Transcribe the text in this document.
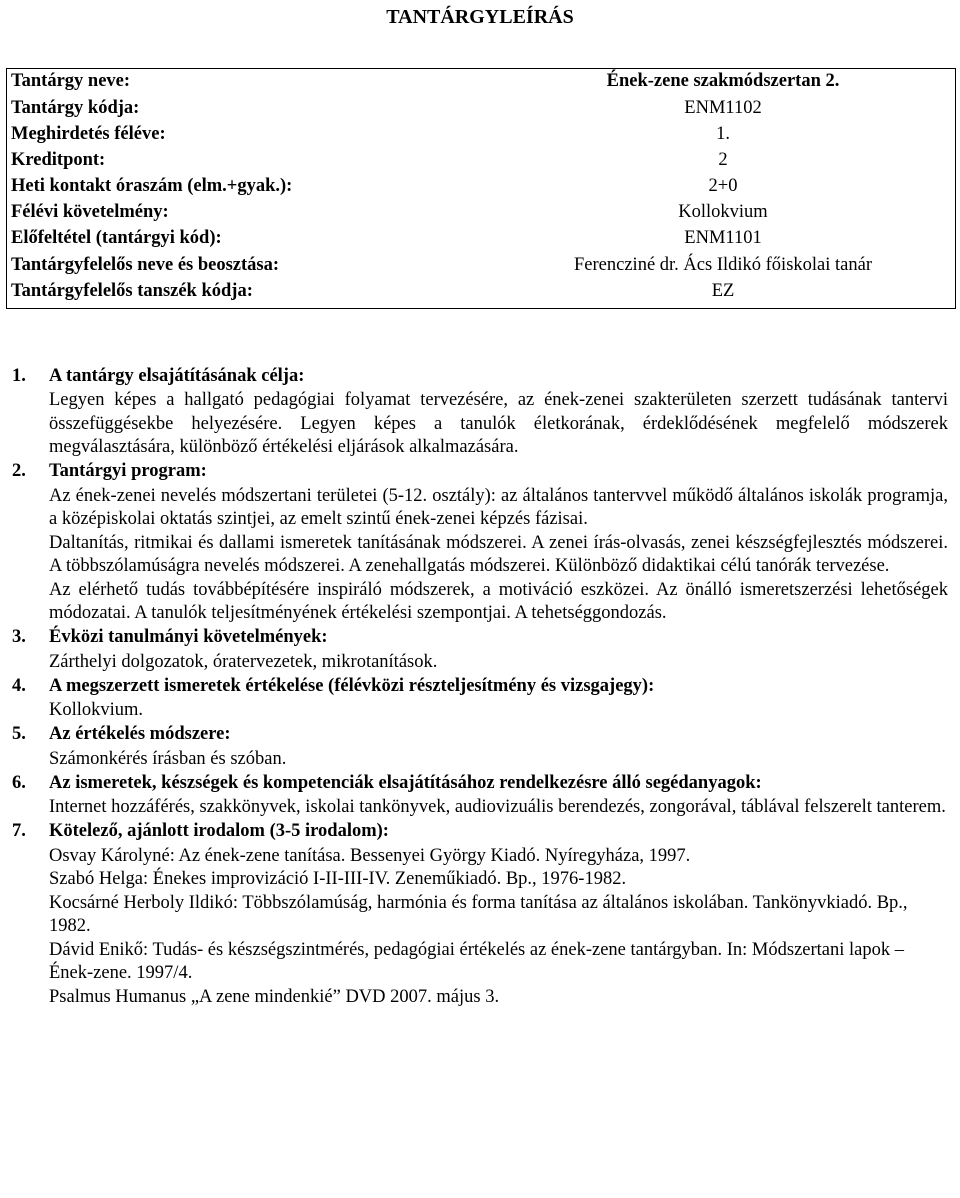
TANTÁRGYLEÍRÁS
Tantárgy neve:	Ének-zene szakmódszertan 2.
Tantárgy kódja:	ENM1102
Meghirdetés féléve:	1.
Kreditpont:	2
Heti kontakt óraszám (elm.+gyak.):	2+0
Félévi követelmény:	Kollokvium
Előfeltétel (tantárgyi kód):	ENM1101
Tantárgyfelelős neve és beosztása:	Ferencziné dr. Ács Ildikó főiskolai tanár
Tantárgyfelelős tanszék kódja:	EZ
1.	A tantárgy elsajátításának célja:

Legyen képes a hallgató pedagógiai folyamat tervezésére, az ének-zenei szakterületen szerzett tudásának tantervi összefüggésekbe helyezésére. Legyen képes a tanulók életkorának, érdeklődésének megfelelő módszerek megválasztására, különböző értékelési eljárások alkalmazására.

2.	Tantárgyi program:

Az ének-zenei nevelés módszertani területei (5-12. osztály): az általános tantervvel működő általános iskolák programja, a középiskolai oktatás szintjei, az emelt szintű ének-zenei képzés fázisai.

Daltanítás, ritmikai és dallami ismeretek tanításának módszerei. A zenei írás-olvasás, zenei készségfejlesztés módszerei. A többszólamúságra nevelés módszerei. A zenehallgatás módszerei. Különböző didaktikai célú tanórák tervezése.

Az elérhető tudás továbbépítésére inspiráló módszerek, a motiváció eszközei. Az önálló ismeretszerzési lehetőségek módozatai. A tanulók teljesítményének értékelési szempontjai. A tehetséggondozás.

3.	Évközi tanulmányi követelmények:

Zárthelyi dolgozatok, óratervezetek, mikrotanítások.

4.	A megszerzett ismeretek értékelése (félévközi részteljesítmény és vizsgajegy):

Kollokvium.

5.	Az értékelés módszere:

Számonkérés írásban és szóban.

6.	Az ismeretek, készségek és kompetenciák elsajátításához rendelkezésre álló segédanyagok:

Internet hozzáférés, szakkönyvek, iskolai tankönyvek, audiovizuális berendezés, zongorával, táblával felszerelt tanterem.

7.	Kötelező, ajánlott irodalom (3-5 irodalom):

Osvay Károlyné: Az ének-zene tanítása. Bessenyei György Kiadó. Nyíregyháza, 1997.

Szabó Helga: Énekes improvizáció I-II-III-IV. Zeneműkiadó. Bp., 1976-1982.

Kocsárné Herboly Ildikó: Többszólamúság, harmónia és forma tanítása az általános iskolában. Tankönyvkiadó. Bp., 1982.

Dávid Enikő: Tudás- és készségszintmérés, pedagógiai értékelés az ének-zene tantárgyban. In: Módszertani lapok – Ének-zene. 1997/4.

Psalmus Humanus „A zene mindenkié” DVD 2007. május 3.
